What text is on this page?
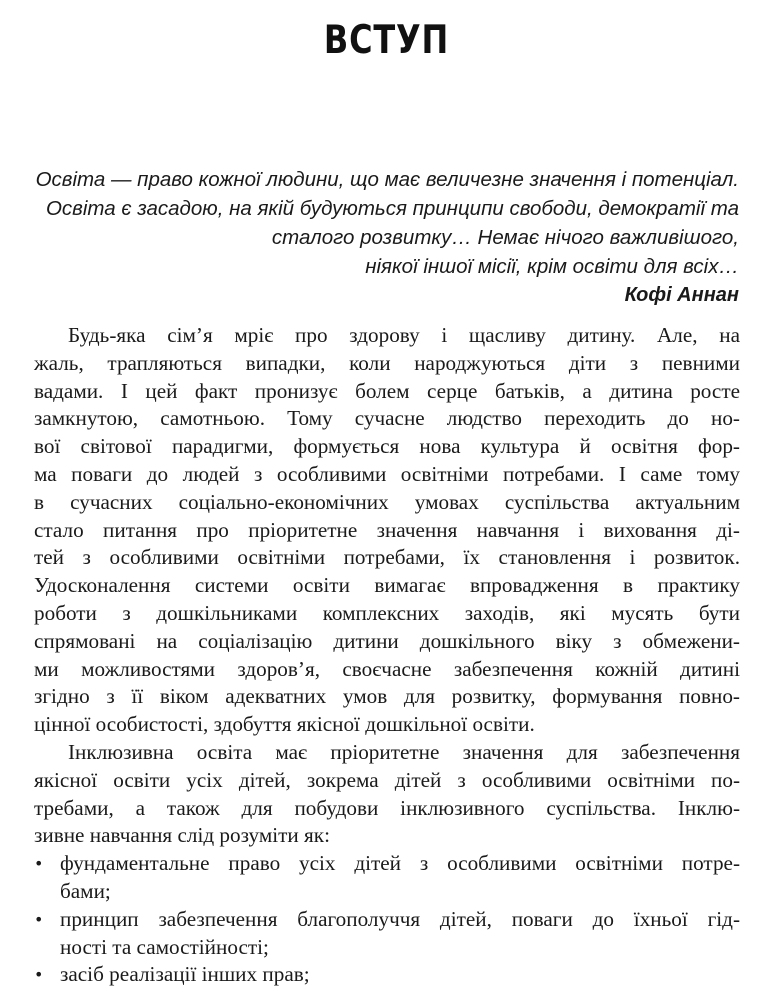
ВСТУП
Освіта — право кожної людини, що має величезне значення і потенціал.
Освіта є засадою, на якій будуються принципи свободи, демократії та
сталого розвитку… Немає нічого важливішого,
ніякої іншої місії, крім освіти для всіх…
Кофі Аннан
Будь-яка сім’я мріє про здорову і щасливу дитину. Але, на
жаль, трапляються випадки, коли народжуються діти з певними
вадами. І цей факт пронизує болем серце батьків, а дитина росте
замкнутою, самотньою. Тому сучасне людство переходить до но-
вої світової парадигми, формується нова культура й освітня фор-
ма поваги до людей з особливими освітніми потребами. І саме тому
в сучасних соціально-економічних умовах суспільства актуальним
стало питання про пріоритетне значення навчання і виховання ді-
тей з особливими освітніми потребами, їх становлення і розвиток.
Удосконалення системи освіти вимагає впровадження в практику
роботи з дошкільниками комплексних заходів, які мусять бути
спрямовані на соціалізацію дитини дошкільного віку з обмежени-
ми можливостями здоров’я, своєчасне забезпечення кожній дитині
згідно з її віком адекватних умов для розвитку, формування повно-
цінної особистості, здобуття якісної дошкільної освіти.
Інклюзивна освіта має пріоритетне значення для забезпечення
якісної освіти усіх дітей, зокрема дітей з особливими освітніми по-
требами, а також для побудови інклюзивного суспільства. Інклю-
зивне навчання слід розуміти як:
• фундаментальне право усіх дітей з особливими освітніми потре-
бами;
• принцип забезпечення благополуччя дітей, поваги до їхньої гід-
ності та самостійності;
• засіб реалізації інших прав;
